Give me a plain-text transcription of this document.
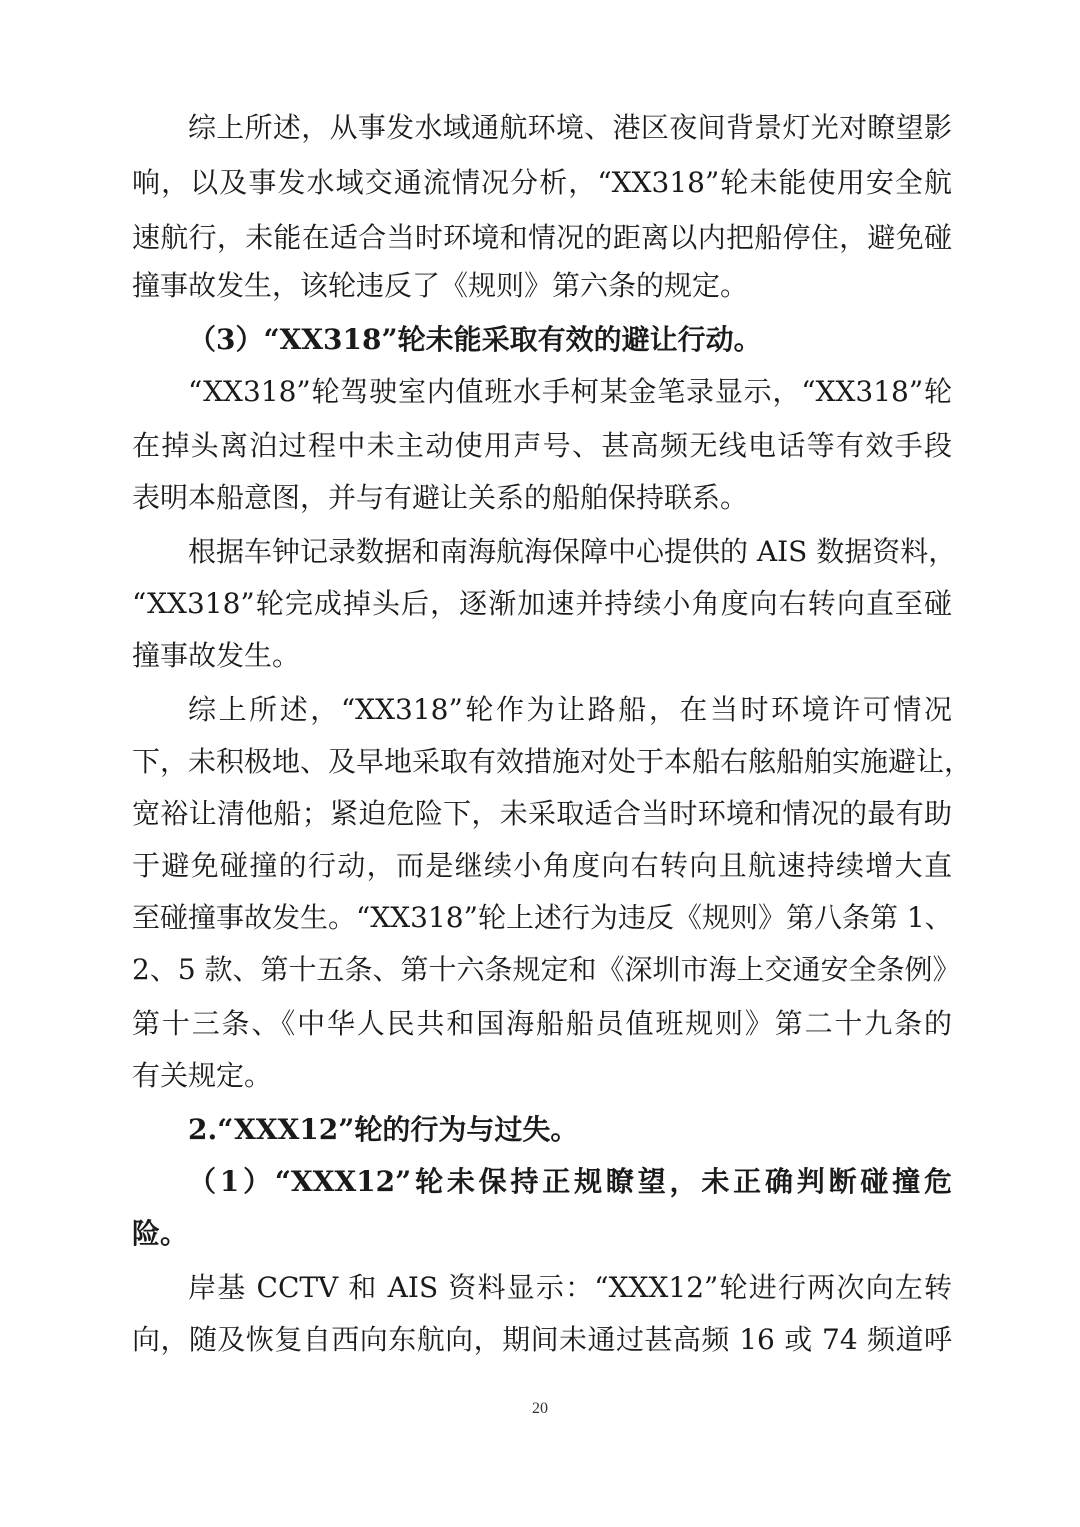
综上所述，从事发水域通航环境、港区夜间背景灯光对瞭望影
响，以及事发水域交通流情况分析，“XX318”轮未能使用安全航
速航行，未能在适合当时环境和情况的距离以内把船停住，避免碰
撞事故发生，该轮违反了《规则》第六条的规定。
（3）“XX318”轮未能采取有效的避让行动。
“XX318”轮驾驶室内值班水手柯某金笔录显示，“XX318”轮
在掉头离泊过程中未主动使用声号、甚高频无线电话等有效手段
表明本船意图，并与有避让关系的船舶保持联系。
根据车钟记录数据和南海航海保障中心提供的 AIS 数据资料，
“XX318”轮完成掉头后，逐渐加速并持续小角度向右转向直至碰
撞事故发生。
综上所述，“XX318”轮作为让路船，在当时环境许可情况
下，未积极地、及早地采取有效措施对处于本船右舷船舶实施避让，
宽裕让清他船；紧迫危险下，未采取适合当时环境和情况的最有助
于避免碰撞的行动，而是继续小角度向右转向且航速持续增大直
至碰撞事故发生。“XX318”轮上述行为违反《规则》第八条第 1、
2、5 款、第十五条、第十六条规定和《深圳市海上交通安全条例》
第十三条、《中华人民共和国海船船员值班规则》第二十九条的
有关规定。
2.“XXX12”轮的行为与过失。
（1）“XXX12”轮未保持正规瞭望，未正确判断碰撞危
险。
岸基 CCTV 和 AIS 资料显示：“XXX12”轮进行两次向左转
向，随及恢复自西向东航向，期间未通过甚高频 16 或 74 频道呼
20
